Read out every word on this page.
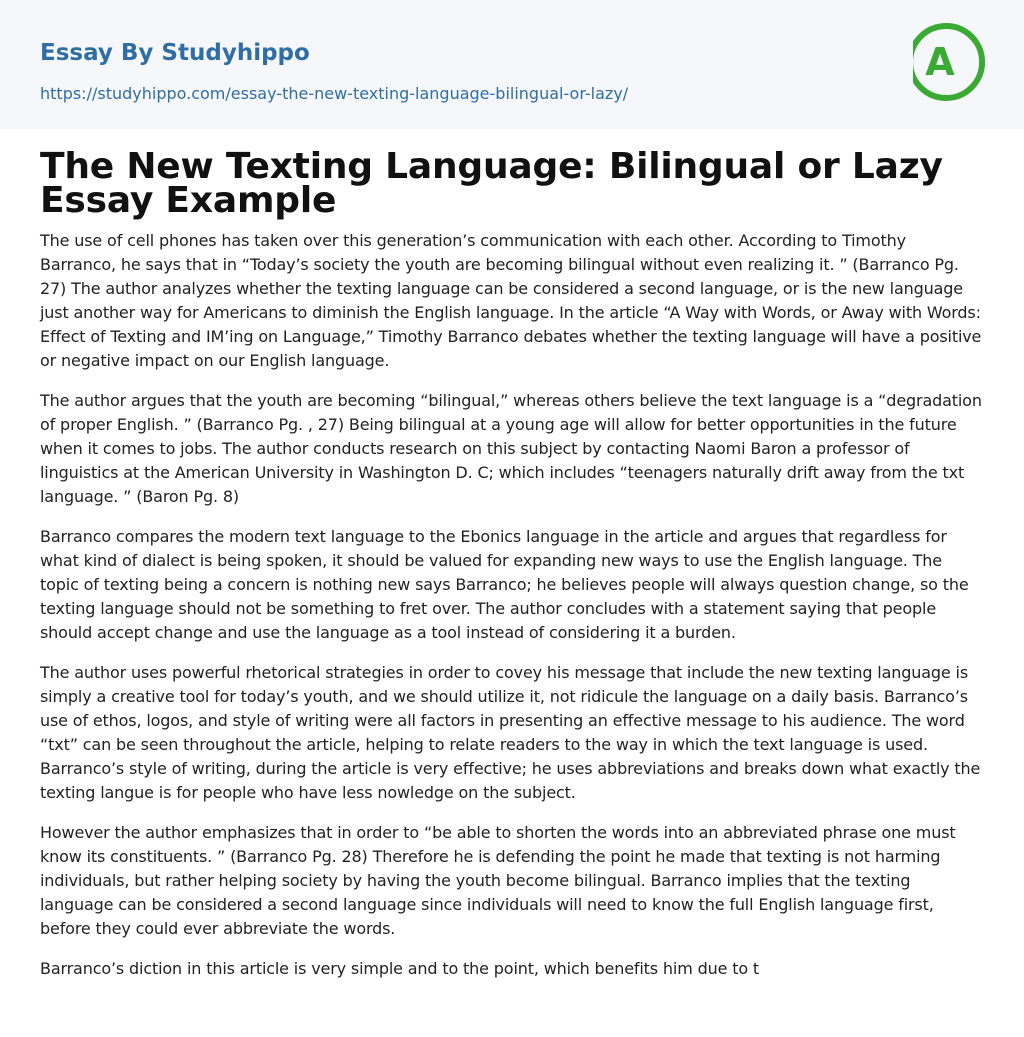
Essay By Studyhippo
https://studyhippo.com/essay-the-new-texting-language-bilingual-or-lazy/
A
The New Texting Language: Bilingual or Lazy Essay Example

The use of cell phones has taken over this generation’s communication with each other. According to Timothy Barranco, he says that in “Today’s society the youth are becoming bilingual without even realizing it. ” (Barranco Pg. 27) The author analyzes whether the texting language can be considered a second language, or is the new language just another way for Americans to diminish the English language. In the article “A Way with Words, or Away with Words: Effect of Texting and IM’ing on Language,” Timothy Barranco debates whether the texting language will have a positive or negative impact on our English language.

The author argues that the youth are becoming “bilingual,” whereas others believe the text language is a “degradation of proper English. ” (Barranco Pg. , 27) Being bilingual at a young age will allow for better opportunities in the future when it comes to jobs. The author conducts research on this subject by contacting Naomi Baron a professor of linguistics at the American University in Washington D. C; which includes “teenagers naturally drift away from the txt language. ” (Baron Pg. 8)

Barranco compares the modern text language to the Ebonics language in the article and argues that regardless for what kind of dialect is being spoken, it should be valued for expanding new ways to use the English language. The topic of texting being a concern is nothing new says Barranco; he believes people will always question change, so the texting language should not be something to fret over. The author concludes with a statement saying that people should accept change and use the language as a tool instead of considering it a burden.

The author uses powerful rhetorical strategies in order to covey his message that include the new texting language is simply a creative tool for today’s youth, and we should utilize it, not ridicule the language on a daily basis. Barranco’s use of ethos, logos, and style of writing were all factors in presenting an effective message to his audience. The word “txt” can be seen throughout the article, helping to relate readers to the way in which the text language is used. Barranco’s style of writing, during the article is very effective; he uses abbreviations and breaks down what exactly the texting langue is for people who have less nowledge on the subject.

However the author emphasizes that in order to “be able to shorten the words into an abbreviated phrase one must know its constituents. ” (Barranco Pg. 28) Therefore he is defending the point he made that texting is not harming individuals, but rather helping society by having the youth become bilingual. Barranco implies that the texting language can be considered a second language since individuals will need to know the full English language first, before they could ever abbreviate the words.

Barranco’s diction in this article is very simple and to the point, which benefits him due to t
